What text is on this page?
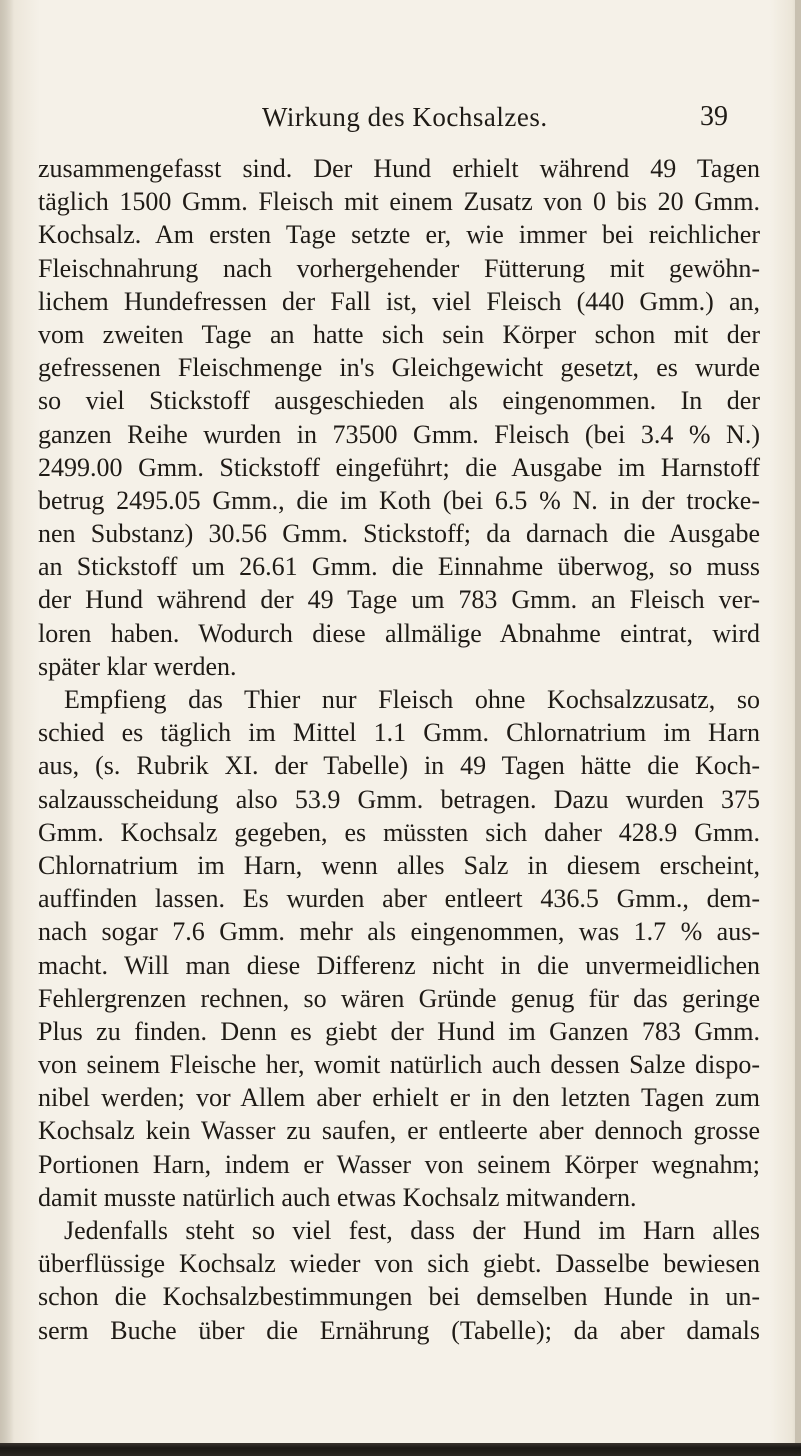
Wirkung des Kochsalzes.	39
zusammengefasst sind. Der Hund erhielt während 49 Tagen
täglich 1500 Gmm. Fleisch mit einem Zusatz von 0 bis 20 Gmm.
Kochsalz. Am ersten Tage setzte er, wie immer bei reichlicher
Fleischnahrung nach vorhergehender Fütterung mit gewöhn-
lichem Hundefressen der Fall ist, viel Fleisch (440 Gmm.) an,
vom zweiten Tage an hatte sich sein Körper schon mit der
gefressenen Fleischmenge in's Gleichgewicht gesetzt, es wurde
so viel Stickstoff ausgeschieden als eingenommen. In der
ganzen Reihe wurden in 73500 Gmm. Fleisch (bei 3.4 % N.)
2499.00 Gmm. Stickstoff eingeführt; die Ausgabe im Harnstoff
betrug 2495.05 Gmm., die im Koth (bei 6.5 % N. in der trocke-
nen Substanz) 30.56 Gmm. Stickstoff; da darnach die Ausgabe
an Stickstoff um 26.61 Gmm. die Einnahme überwog, so muss
der Hund während der 49 Tage um 783 Gmm. an Fleisch ver-
loren haben. Wodurch diese allmälige Abnahme eintrat, wird
später klar werden.
Empfieng das Thier nur Fleisch ohne Kochsalzzusatz, so
schied es täglich im Mittel 1.1 Gmm. Chlornatrium im Harn
aus, (s. Rubrik XI. der Tabelle) in 49 Tagen hätte die Koch-
salzausscheidung also 53.9 Gmm. betragen. Dazu wurden 375
Gmm. Kochsalz gegeben, es müssten sich daher 428.9 Gmm.
Chlornatrium im Harn, wenn alles Salz in diesem erscheint,
auffinden lassen. Es wurden aber entleert 436.5 Gmm., dem-
nach sogar 7.6 Gmm. mehr als eingenommen, was 1.7 % aus-
macht. Will man diese Differenz nicht in die unvermeidlichen
Fehlergrenzen rechnen, so wären Gründe genug für das geringe
Plus zu finden. Denn es giebt der Hund im Ganzen 783 Gmm.
von seinem Fleische her, womit natürlich auch dessen Salze dispo-
nibel werden; vor Allem aber erhielt er in den letzten Tagen zum
Kochsalz kein Wasser zu saufen, er entleerte aber dennoch grosse
Portionen Harn, indem er Wasser von seinem Körper wegnahm;
damit musste natürlich auch etwas Kochsalz mitwandern.
Jedenfalls steht so viel fest, dass der Hund im Harn alles
überflüssige Kochsalz wieder von sich giebt. Dasselbe bewiesen
schon die Kochsalzbestimmungen bei demselben Hunde in un-
serm Buche über die Ernährung (Tabelle); da aber damals
